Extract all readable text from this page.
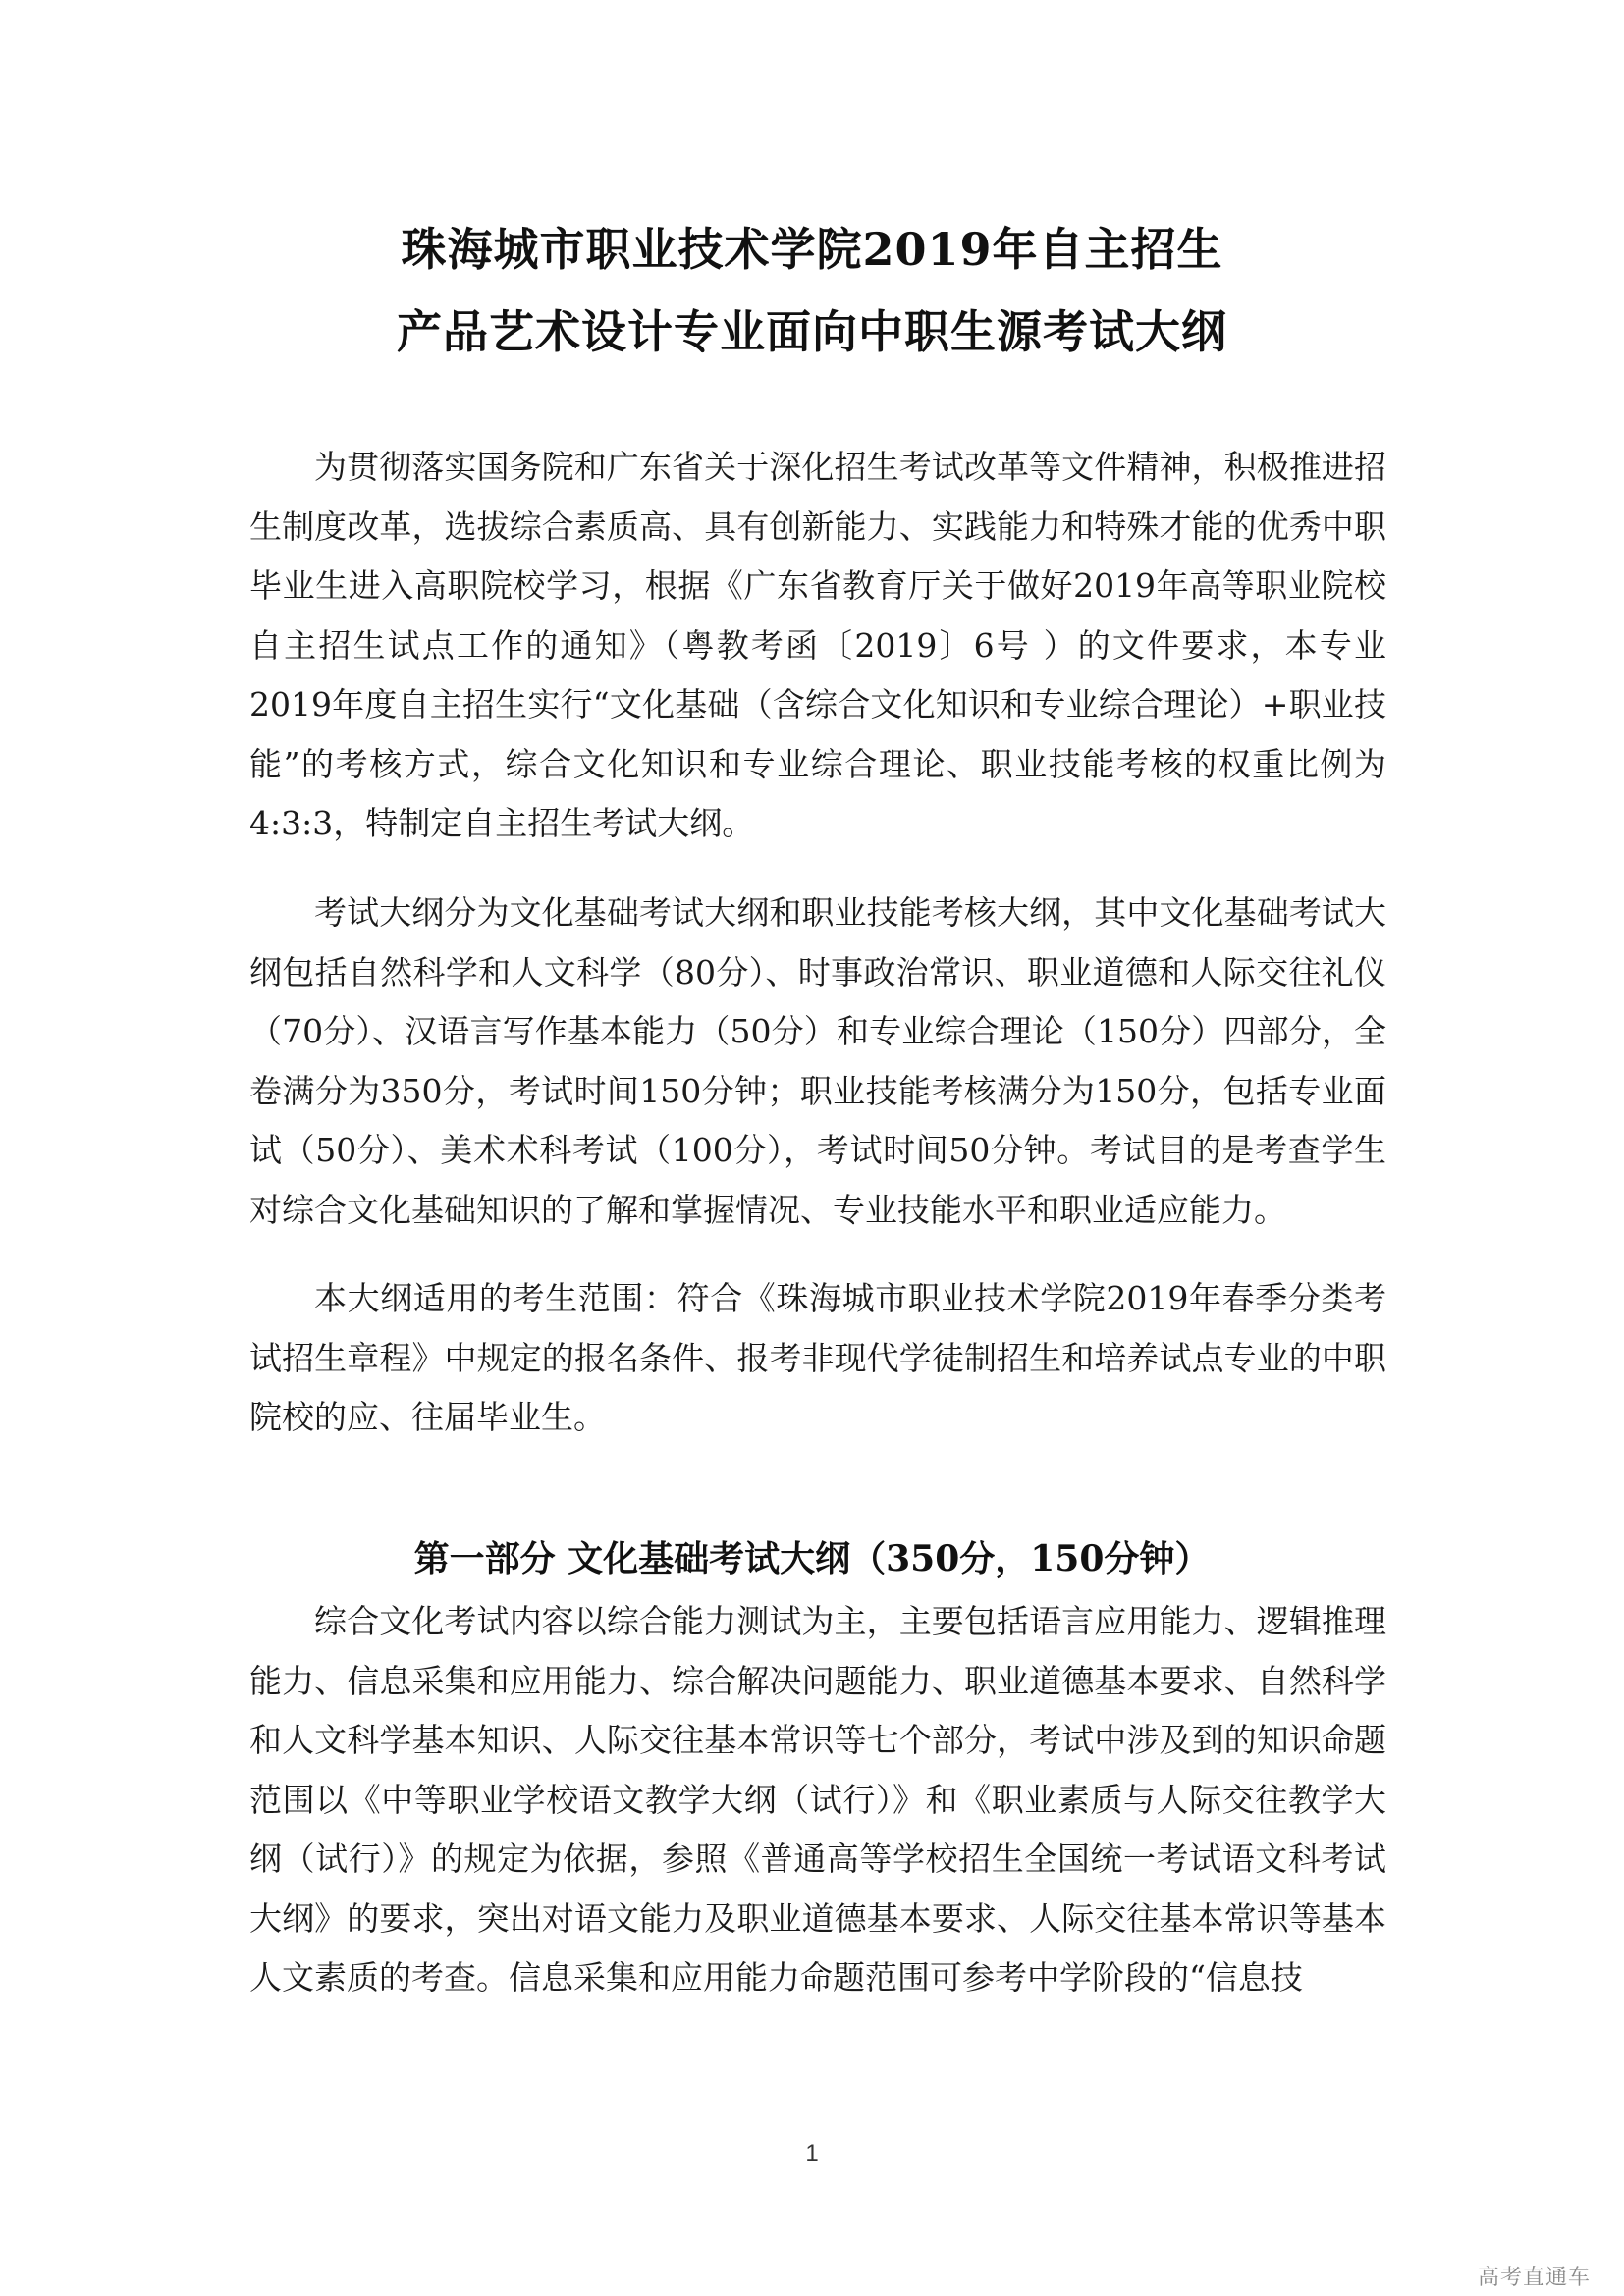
珠海城市职业技术学院2019年自主招生
产品艺术设计专业面向中职生源考试大纲

为贯彻落实国务院和广东省关于深化招生考试改革等文件精神，积极推进招生制度改革，选拔综合素质高、具有创新能力、实践能力和特殊才能的优秀中职毕业生进入高职院校学习，根据《广东省教育厅关于做好2019年高等职业院校自主招生试点工作的通知》（粤教考函〔2019〕6号 ）的文件要求，本专业2019年度自主招生实行“文化基础（含综合文化知识和专业综合理论）+职业技能”的考核方式，综合文化知识和专业综合理论、职业技能考核的权重比例为4:3:3，特制定自主招生考试大纲。

考试大纲分为文化基础考试大纲和职业技能考核大纲，其中文化基础考试大纲包括自然科学和人文科学（80分）、时事政治常识、职业道德和人际交往礼仪（70分）、汉语言写作基本能力（50分）和专业综合理论（150分）四部分，全卷满分为350分，考试时间150分钟；职业技能考核满分为150分，包括专业面试（50分）、美术术科考试（100分），考试时间50分钟。考试目的是考查学生对综合文化基础知识的了解和掌握情况、专业技能水平和职业适应能力。

本大纲适用的考生范围：符合《珠海城市职业技术学院2019年春季分类考试招生章程》中规定的报名条件、报考非现代学徒制招生和培养试点专业的中职院校的应、往届毕业生。

第一部分 文化基础考试大纲（350分，150分钟）

综合文化考试内容以综合能力测试为主，主要包括语言应用能力、逻辑推理能力、信息采集和应用能力、综合解决问题能力、职业道德基本要求、自然科学和人文科学基本知识、人际交往基本常识等七个部分，考试中涉及到的知识命题范围以《中等职业学校语文教学大纲（试行）》和《职业素质与人际交往教学大纲（试行）》的规定为依据，参照《普通高等学校招生全国统一考试语文科考试大纲》的要求，突出对语文能力及职业道德基本要求、人际交往基本常识等基本人文素质的考查。信息采集和应用能力命题范围可参考中学阶段的“信息技

1
高考直通车
